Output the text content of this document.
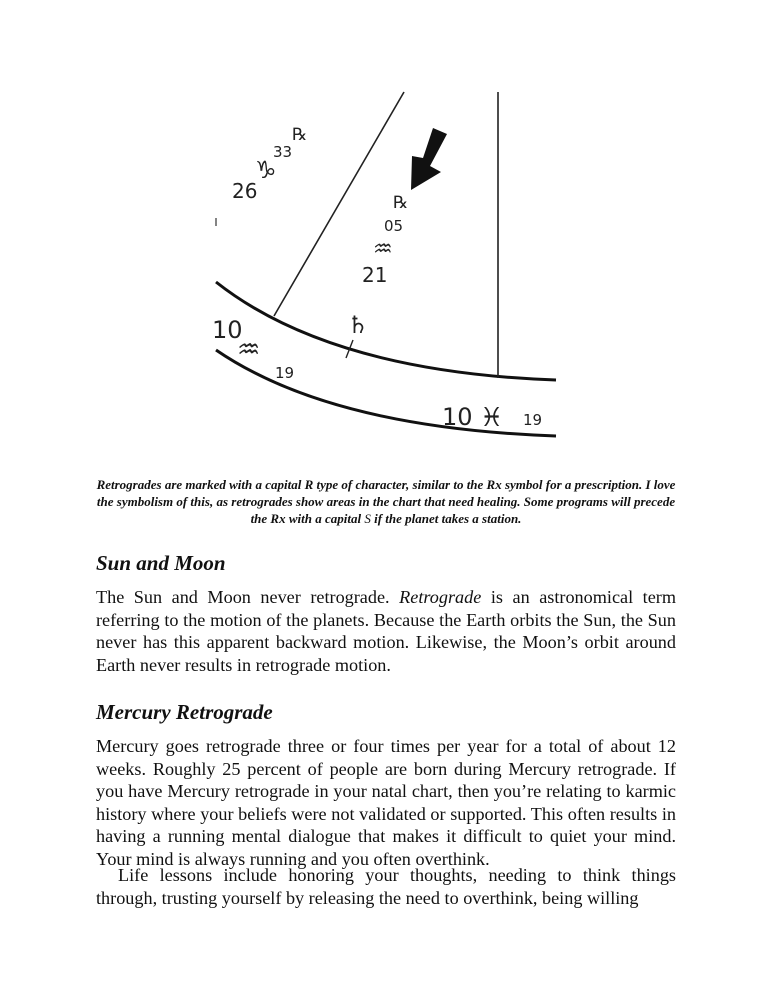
26
♑
33
℞
℞
05
♒
21
♄
10
♒
19
10 ♓ 19

Retrogrades are marked with a capital R type of character, similar to the Rx symbol for a prescription. I love the symbolism of this, as retrogrades show areas in the chart that need healing. Some programs will precede the Rx with a capital S if the planet takes a station.

Sun and Moon

The Sun and Moon never retrograde. Retrograde is an astronomical term referring to the motion of the planets. Because the Earth orbits the Sun, the Sun never has this apparent backward motion. Likewise, the Moon’s orbit around Earth never results in retrograde motion.

Mercury Retrograde

Mercury goes retrograde three or four times per year for a total of about 12 weeks. Roughly 25 percent of people are born during Mercury retrograde. If you have Mercury retrograde in your natal chart, then you’re relating to karmic history where your beliefs were not validated or supported. This often results in having a running mental dialogue that makes it difficult to quiet your mind. Your mind is always running and you often overthink.

Life lessons include honoring your thoughts, needing to think things through, trusting yourself by releasing the need to overthink, being willing
